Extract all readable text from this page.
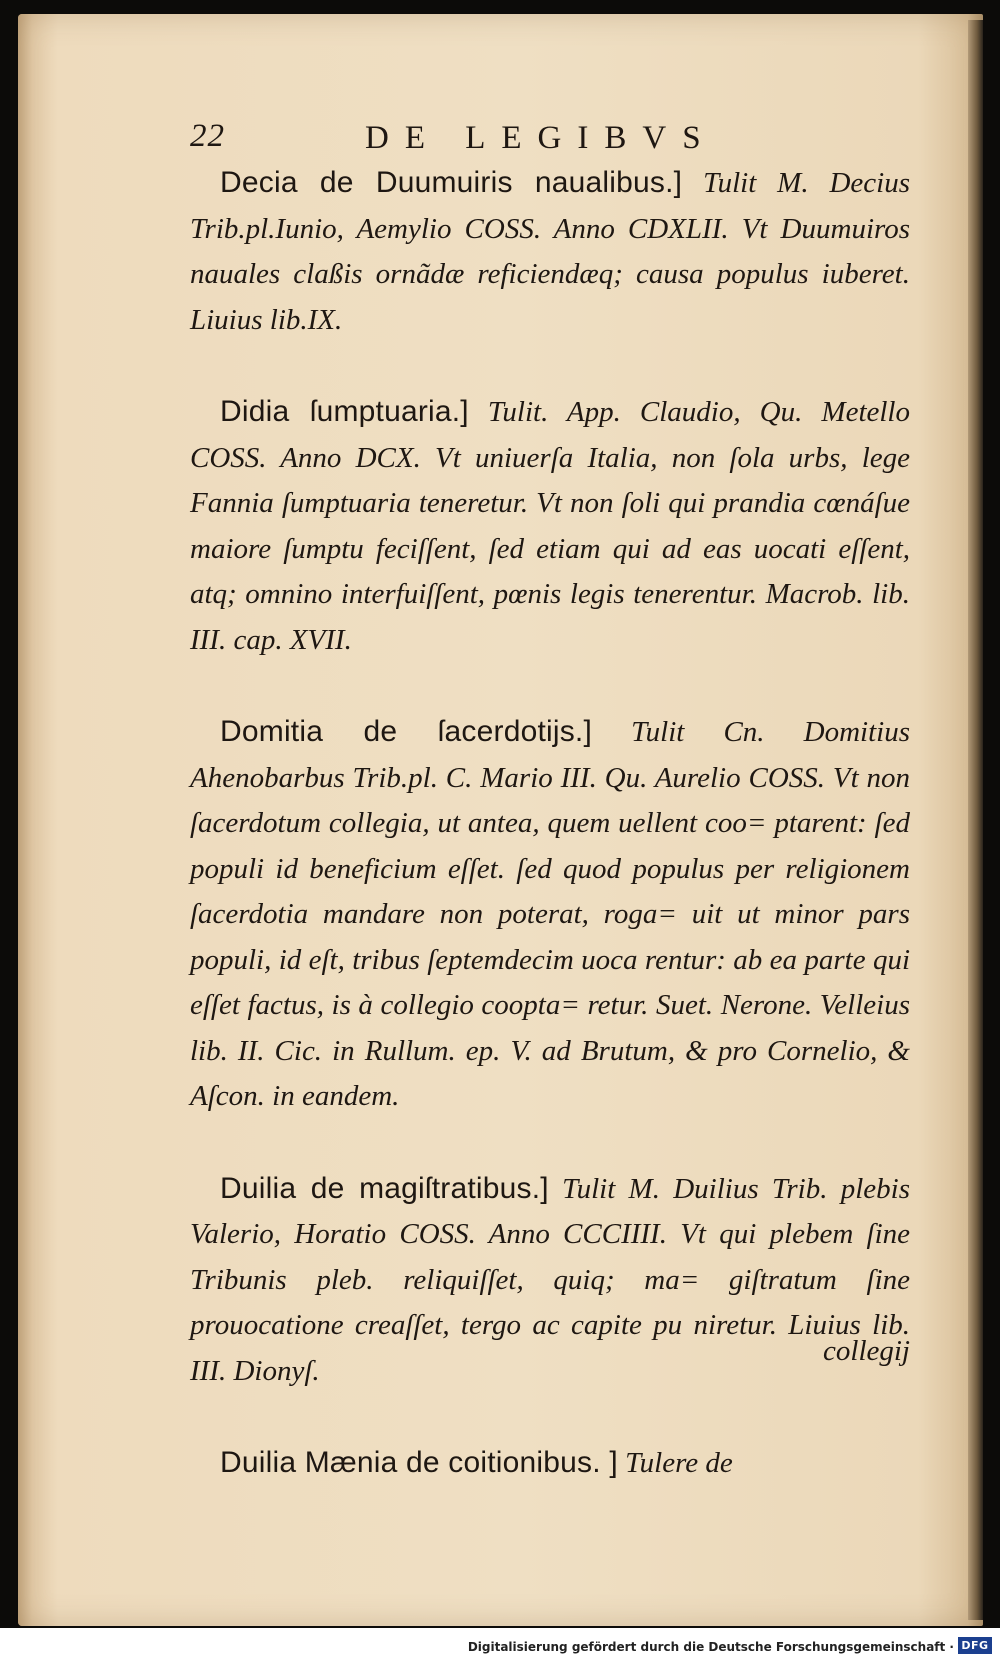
22	DE LEGIBVS

Decia de Duumuiris naualibus.] Tulit M. Decius Trib.pl.Iunio, Aemylio COSS. Anno CDXLII. Vt Duumuiros nauales claßis ornãdæ reficiendæq; causa populus iuberet. Liuius lib.IX.

Didia ſumptuaria.] Tulit. App. Claudio, Qu. Metello COSS. Anno DCX. Vt uniuerſa Italia, non ſola urbs, lege Fannia ſumptuaria teneretur. Vt non ſoli qui prandia cœnáſue maiore ſumptu feciſſent, ſed etiam qui ad eas uocati eſſent, atq; omnino interfuiſſent, pœnis legis tenerentur. Macrob. lib. III. cap. XVII.

Domitia de ſacerdotijs.] Tulit Cn. Domitius Ahenobarbus Trib.pl. C. Mario III. Qu. Aurelio COSS. Vt non ſacerdotum collegia, ut antea, quem uellent coo= ptarent: ſed populi id beneficium eſſet. ſed quod populus per religionem ſacerdotia mandare non poterat, roga= uit ut minor pars populi, id eſt, tribus ſeptemdecim uoca rentur: ab ea parte qui eſſet factus, is à collegio coopta= retur. Suet. Nerone. Velleius lib. II. Cic. in Rullum. ep. V. ad Brutum, & pro Cornelio, & Aſcon. in eandem.

Duilia de magiſtratibus.] Tulit M. Duilius Trib. plebis Valerio, Horatio COSS. Anno CCCIIII. Vt qui plebem ſine Tribunis pleb. reliquiſſet, quiq; ma= giſtratum ſine prouocatione creaſſet, tergo ac capite pu niretur. Liuius lib. III. Dionyſ.

Duilia Mænia de coitionibus. ] Tulere de

collegij
Digitalisierung gefördert durch die Deutsche Forschungsgemeinschaft · DFG
